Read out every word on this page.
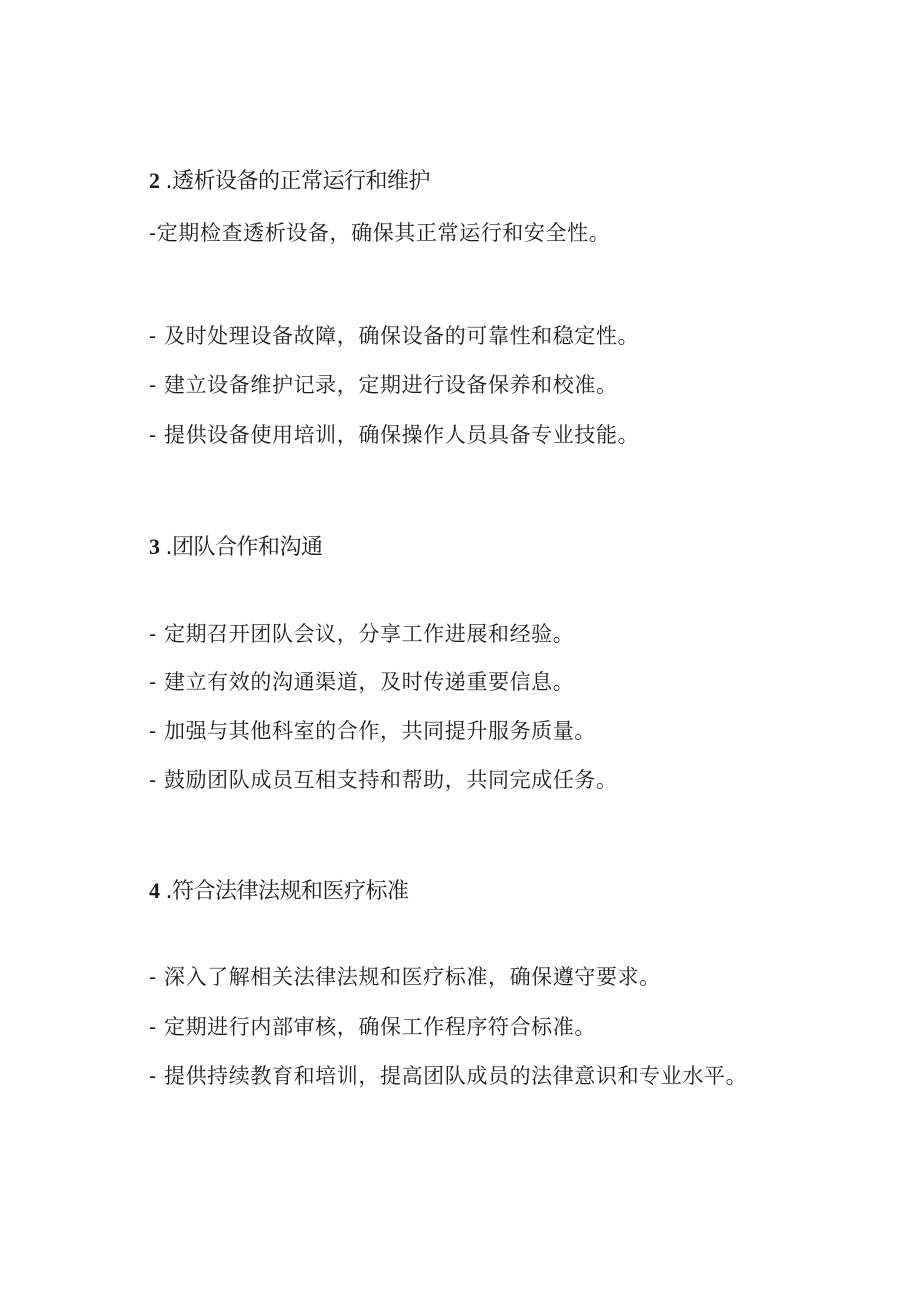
2 .透析设备的正常运行和维护
-定期检查透析设备，确保其正常运行和安全性。
- 及时处理设备故障，确保设备的可靠性和稳定性。
- 建立设备维护记录，定期进行设备保养和校准。
- 提供设备使用培训，确保操作人员具备专业技能。
3 .团队合作和沟通
- 定期召开团队会议，分享工作进展和经验。
- 建立有效的沟通渠道，及时传递重要信息。
- 加强与其他科室的合作，共同提升服务质量。
- 鼓励团队成员互相支持和帮助，共同完成任务。
4 .符合法律法规和医疗标准
- 深入了解相关法律法规和医疗标准，确保遵守要求。
- 定期进行内部审核，确保工作程序符合标准。
- 提供持续教育和培训，提高团队成员的法律意识和专业水平。
